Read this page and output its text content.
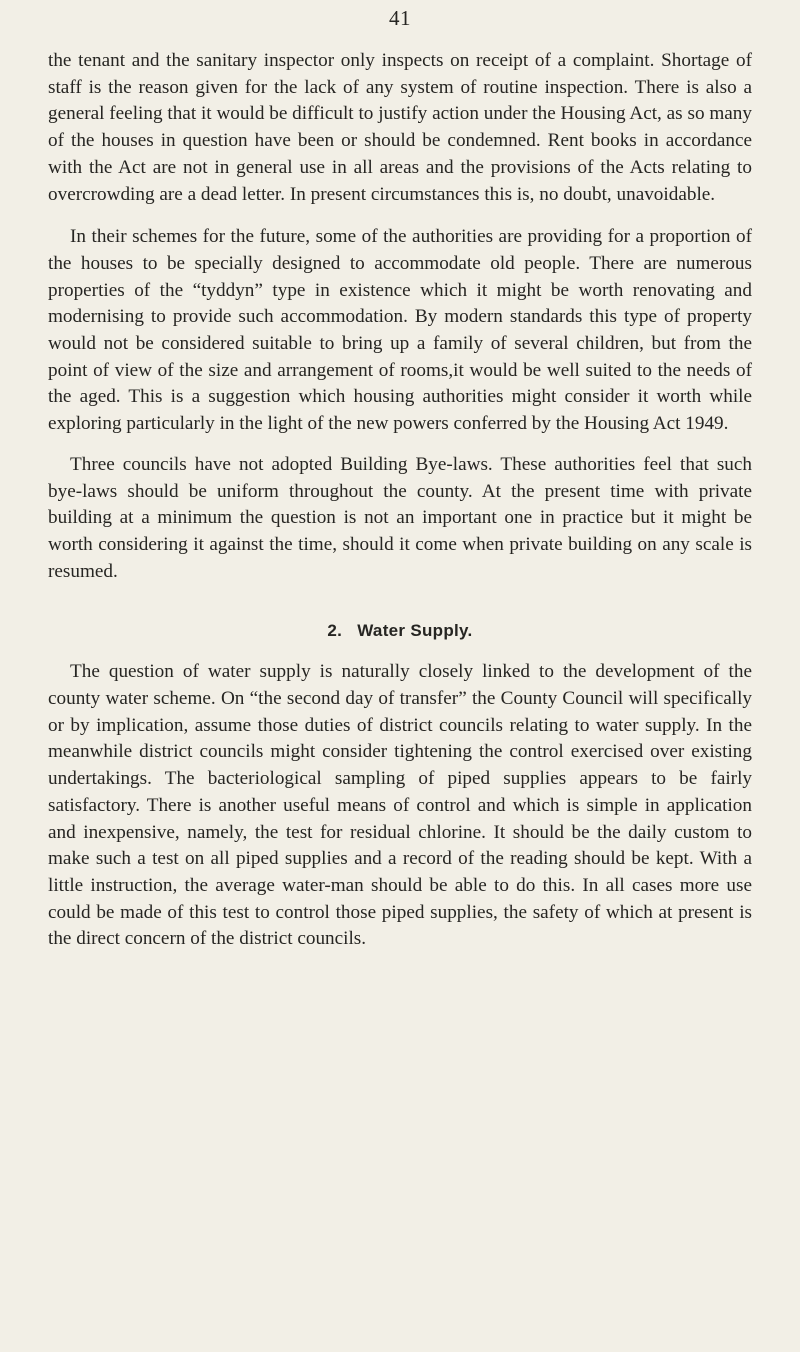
41

the tenant and the sanitary inspector only inspects on receipt of a complaint. Shortage of staff is the reason given for the lack of any system of routine inspection. There is also a general feeling that it would be difficult to justify action under the Housing Act, as so many of the houses in question have been or should be condemned. Rent books in accordance with the Act are not in general use in all areas and the provisions of the Acts relating to overcrowding are a dead letter. In present circumstances this is, no doubt, unavoidable.

In their schemes for the future, some of the authorities are providing for a proportion of the houses to be specially designed to accommodate old people. There are numerous properties of the “tyddyn” type in existence which it might be worth renovating and modernising to provide such accommodation. By modern standards this type of property would not be considered suitable to bring up a family of several children, but from the point of view of the size and arrangement of rooms,it would be well suited to the needs of the aged. This is a suggestion which housing authorities might consider it worth while exploring particularly in the light of the new powers conferred by the Housing Act 1949.

Three councils have not adopted Building Bye-laws. These authorities feel that such bye-laws should be uniform throughout the county. At the present time with private building at a minimum the question is not an important one in practice but it might be worth considering it against the time, should it come when private building on any scale is resumed.

2. Water Supply.

The question of water supply is naturally closely linked to the development of the county water scheme. On “the second day of transfer” the County Council will specifically or by implication, assume those duties of district councils relating to water supply. In the meanwhile district councils might consider tightening the control exercised over existing undertakings. The bacteriological sampling of piped supplies appears to be fairly satisfactory. There is another useful means of control and which is simple in application and inexpensive, namely, the test for residual chlorine. It should be the daily custom to make such a test on all piped supplies and a record of the reading should be kept. With a little instruction, the average water-man should be able to do this. In all cases more use could be made of this test to control those piped supplies, the safety of which at present is the direct concern of the district councils.
